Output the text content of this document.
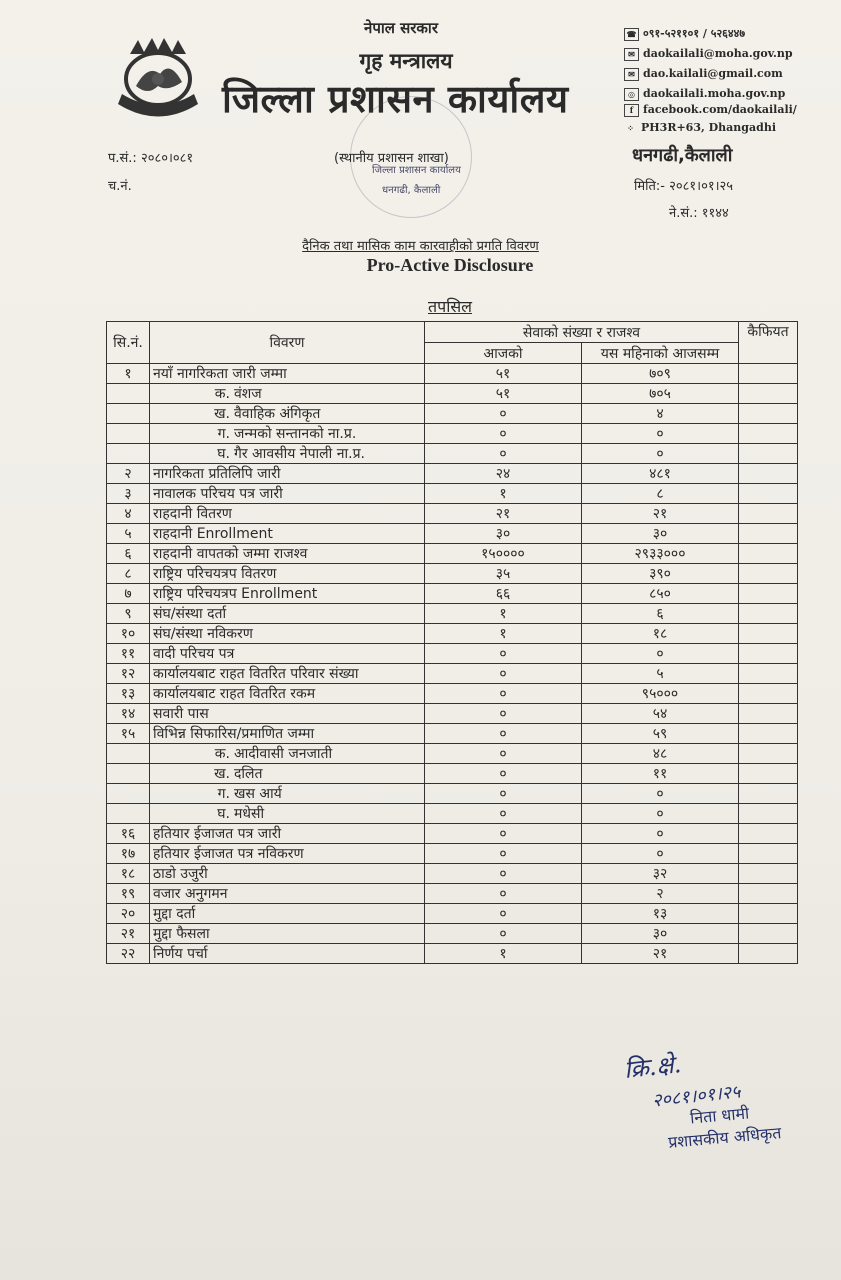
नेपाल सरकार
गृह मन्त्रालय
जिल्ला प्रशासन कार्यालय
☎ ०९१-५२११०१ / ५२६४४७
✉ daokailali@moha.gov.np
✉ dao.kailali@gmail.com
◎ daokailali.moha.gov.np
f facebook.com/daokailali/
⁘ PH3R+63, Dhangadhi
प.सं.: २०८०।०८१
च.नं.
धनगढी,कैलाली
मिति:- २०८१।०१।२५
ने.सं.: ११४४
जिल्ला प्रशासन कार्यालय
धनगढी, कैलाली
(स्थानीय प्रशासन शाखा)
दैनिक तथा मासिक काम कारवाहीको प्रगति विवरण
Pro-Active Disclosure
तपसिल
सि.नं.	विवरण	सेवाको संख्या र राजश्व		कैफियत
		आजको	यस महिनाको आजसम्म	
१	नयाँ नागरिकता जारी जम्मा	५१	७०९	
	क. वंशज	५१	७०५	
	ख. वैवाहिक अंगिकृत	०	४	
	ग. जन्मको सन्तानको ना.प्र.	०	०	
	घ. गैर आवसीय नेपाली ना.प्र.	०	०	
२	नागरिकता प्रतिलिपि जारी	२४	४८१	
३	नावालक परिचय पत्र जारी	१	८	
४	राहदानी वितरण	२१	२१	
५	राहदानी Enrollment	३०	३०	
६	राहदानी वापतको जम्मा राजश्व	१५००००	२९३३०००	
८	राष्ट्रिय परिचयत्रप वितरण	३५	३९०	
७	राष्ट्रिय परिचयत्रप Enrollment	६६	८५०	
९	संघ/संस्था दर्ता	१	६	
१०	संघ/संस्था नविकरण	१	१८	
११	वादी परिचय पत्र	०	०	
१२	कार्यालयबाट राहत वितरित परिवार संख्या	०	५	
१३	कार्यालयबाट राहत वितरित रकम	०	९५०००	
१४	सवारी पास	०	५४	
१५	विभिन्न सिफारिस/प्रमाणित जम्मा	०	५९	
	क. आदीवासी जनजाती	०	४८	
	ख. दलित	०	११	
	ग. खस आर्य	०	०	
	घ. मधेसी	०	०	
१६	हतियार ईजाजत पत्र जारी	०	०	
१७	हतियार ईजाजत पत्र नविकरण	०	०	
१८	ठाडो उजुरी	०	३२	
१९	वजार अनुगमन	०	२	
२०	मुद्दा दर्ता	०	१३	
२१	मुद्दा फैसला	०	३०	
२२	निर्णय पर्चा	१	२१	
क्रि.क्षे.
२०८१।०१।२५
निता धामी
प्रशासकीय अधिकृत
